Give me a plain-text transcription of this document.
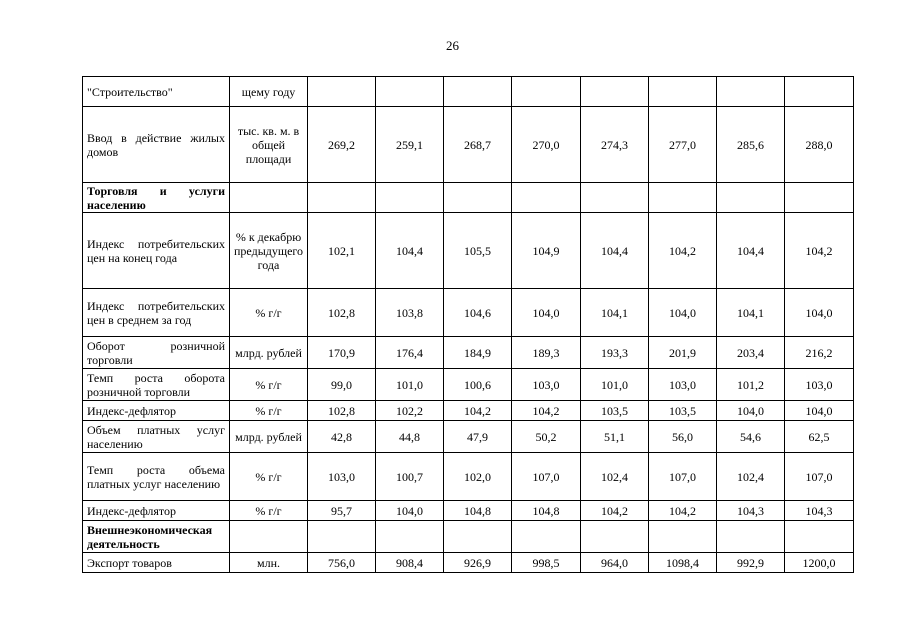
26
"Строительство"	щему году								
Ввод в действие жилых домов	тыс. кв. м. в общей площади	269,2	259,1	268,7	270,0	274,3	277,0	285,6	288,0
Торговля и услуги населению									
Индекс потребительских цен на конец года	% к декабрю предыдущего года	102,1	104,4	105,5	104,9	104,4	104,2	104,4	104,2
Индекс потребительских цен в среднем за год	% г/г	102,8	103,8	104,6	104,0	104,1	104,0	104,1	104,0
Оборот розничной торговли	млрд. рублей	170,9	176,4	184,9	189,3	193,3	201,9	203,4	216,2
Темп роста оборота розничной торговли	% г/г	99,0	101,0	100,6	103,0	101,0	103,0	101,2	103,0
Индекс-дефлятор	% г/г	102,8	102,2	104,2	104,2	103,5	103,5	104,0	104,0
Объем платных услуг населению	млрд. рублей	42,8	44,8	47,9	50,2	51,1	56,0	54,6	62,5
Темп роста объема платных услуг населению	% г/г	103,0	100,7	102,0	107,0	102,4	107,0	102,4	107,0
Индекс-дефлятор	% г/г	95,7	104,0	104,8	104,8	104,2	104,2	104,3	104,3
Внешнеэкономическая деятельность									
Экспорт товаров	млн.	756,0	908,4	926,9	998,5	964,0	1098,4	992,9	1200,0
